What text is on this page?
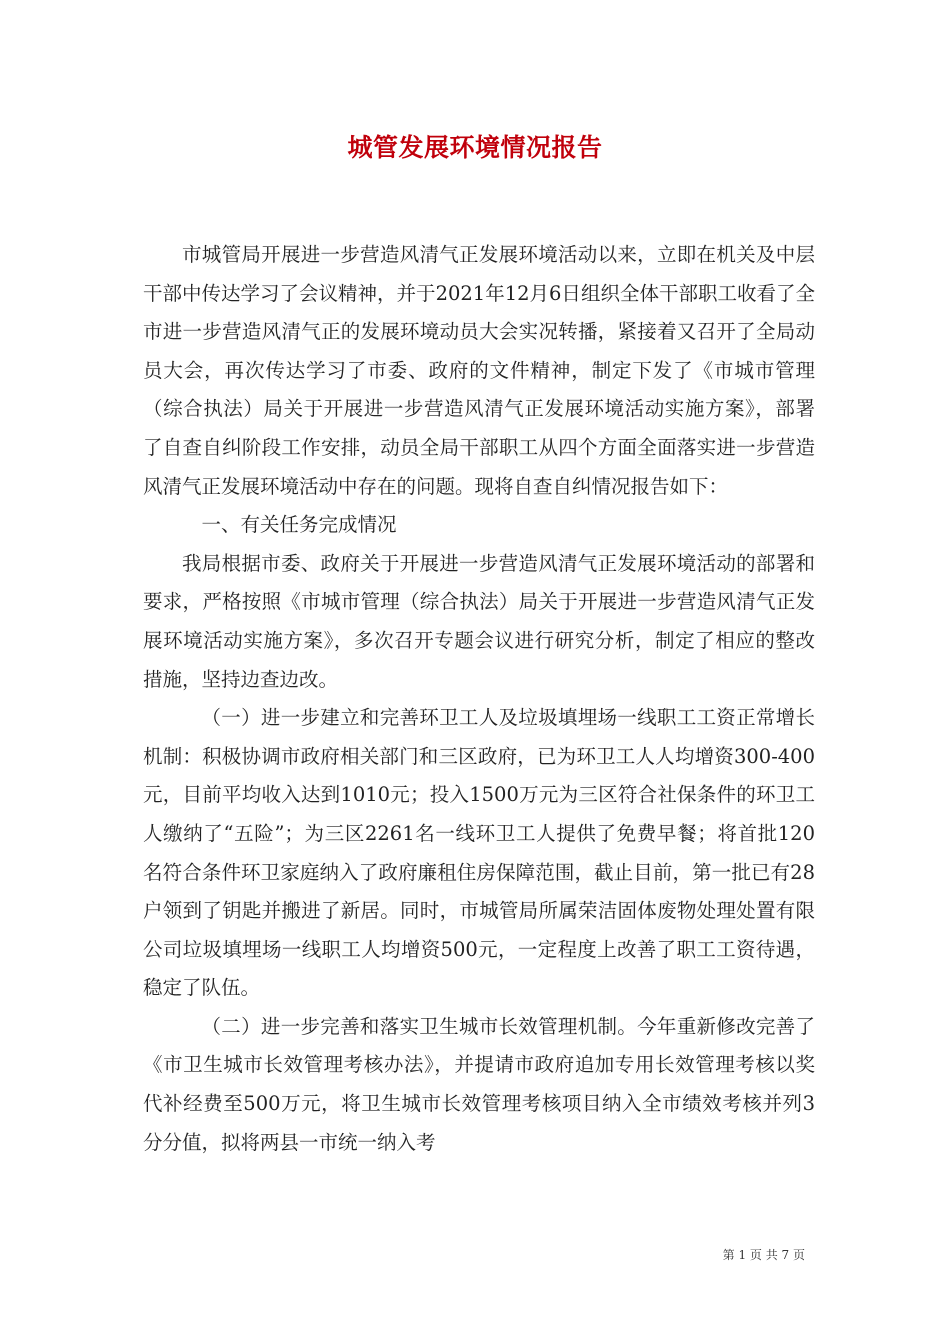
城管发展环境情况报告

市城管局开展进一步营造风清气正发展环境活动以来，立即在机关及中层干部中传达学习了会议精神，并于2021年12月6日组织全体干部职工收看了全市进一步营造风清气正的发展环境动员大会实况转播，紧接着又召开了全局动员大会，再次传达学习了市委、政府的文件精神，制定下发了《市城市管理（综合执法）局关于开展进一步营造风清气正发展环境活动实施方案》，部署了自查自纠阶段工作安排，动员全局干部职工从四个方面全面落实进一步营造风清气正发展环境活动中存在的问题。现将自查自纠情况报告如下：

一、有关任务完成情况

我局根据市委、政府关于开展进一步营造风清气正发展环境活动的部署和要求，严格按照《市城市管理（综合执法）局关于开展进一步营造风清气正发展环境活动实施方案》，多次召开专题会议进行研究分析，制定了相应的整改措施，坚持边查边改。

（一）进一步建立和完善环卫工人及垃圾填埋场一线职工工资正常增长机制：积极协调市政府相关部门和三区政府，已为环卫工人人均增资300-400元，目前平均收入达到1010元；投入1500万元为三区符合社保条件的环卫工人缴纳了“五险”；为三区2261名一线环卫工人提供了免费早餐；将首批120名符合条件环卫家庭纳入了政府廉租住房保障范围，截止目前，第一批已有28户领到了钥匙并搬进了新居。同时，市城管局所属荣洁固体废物处理处置有限公司垃圾填埋场一线职工人均增资500元，一定程度上改善了职工工资待遇，稳定了队伍。

（二）进一步完善和落实卫生城市长效管理机制。今年重新修改完善了《市卫生城市长效管理考核办法》，并提请市政府追加专用长效管理考核以奖代补经费至500万元，将卫生城市长效管理考核项目纳入全市绩效考核并列3分分值，拟将两县一市统一纳入考

第 1 页 共 7 页
